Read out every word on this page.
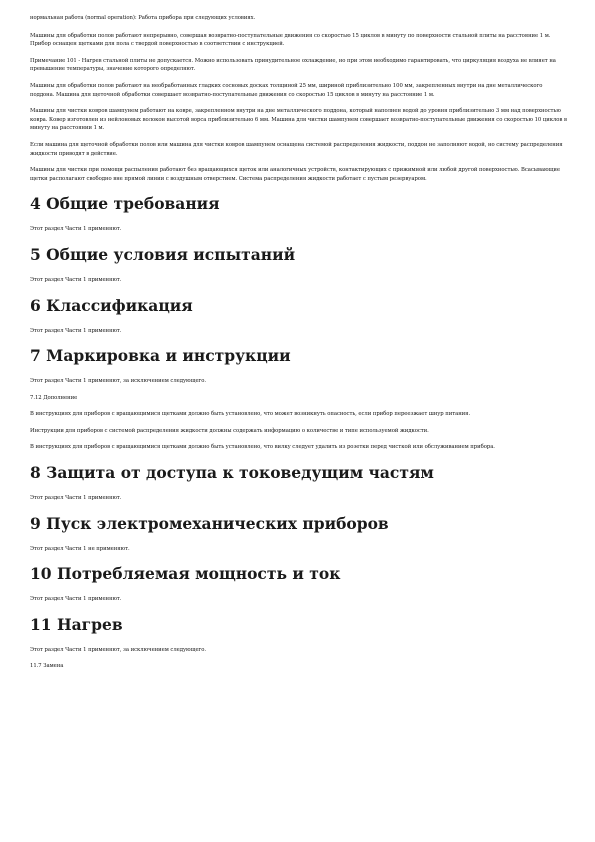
нормальная работа (normal operation): Работа прибора при следующих условиях.

Машины для обработки полов работают непрерывно, совершая возвратно-поступательные движения со скоростью 15 циклов в минуту по поверхности стальной плиты на расстояние 1 м. Прибор оснащен щетками для пола с твердой поверхностью в соответствии с инструкцией.

Примечание 101 - Нагрев стальной плиты не допускается. Можно использовать принудительное охлаждение, но при этом необходимо гарантировать, что циркуляция воздуха не влияет на превышение температуры, значение которого определяют.

Машины для обработки полов работают на необработанных гладких сосновых досках толщиной 25 мм, шириной приблизительно 100 мм, закрепленных внутри на дне металлического поддона. Машина для щеточной обработки совершает возвратно-поступательные движения со скоростью 15 циклов в минуту на расстояние 1 м.

Машины для чистки ковров шампунем работают на ковре, закрепленном внутри на дне металлического поддона, который наполнен водой до уровня приблизительно 3 мм над поверхностью ковра. Ковер изготовлен из нейлоновых волокон высотой ворса приблизительно 6 мм. Машина для чистки шампунем совершает возвратно-поступательные движения со скоростью 10 циклов в минуту на расстоянии 1 м.

Если машина для щеточной обработки полов или машина для чистки ковров шампунем оснащена системой распределения жидкости, поддон не заполняют водой, но систему распределения жидкости приводят в действие.

Машины для чистки при помощи распыления работают без вращающихся щеток или аналогичных устройств, контактирующих с прижимной или любой другой поверхностью. Всасывающие щетки располагают свободно вне прямой линии с воздушным отверстием. Система распределения жидкости работает с пустым резервуаром.

4 Общие требования

Этот раздел Части 1 применяют.

5 Общие условия испытаний

Этот раздел Части 1 применяют.

6 Классификация

Этот раздел Части 1 применяют.

7 Маркировка и инструкции

Этот раздел Части 1 применяют, за исключением следующего.

7.12 Дополнение

В инструкциях для приборов с вращающимися щетками должно быть установлено, что может возникнуть опасность, если прибор переезжает шнур питания.

Инструкции для приборов с системой распределения жидкости должны содержать информацию о количестве и типе используемой жидкости.

В инструкциях для приборов с вращающимися щетками должно быть установлено, что вилку следует удалить из розетки перед чисткой или обслуживанием прибора.

8 Защита от доступа к токоведущим частям

Этот раздел Части 1 применяют.

9 Пуск электромеханических приборов

Этот раздел Части 1 не применяют.

10 Потребляемая мощность и ток

Этот раздел Части 1 применяют.

11 Нагрев

Этот раздел Части 1 применяют, за исключением следующего.

11.7 Замена
